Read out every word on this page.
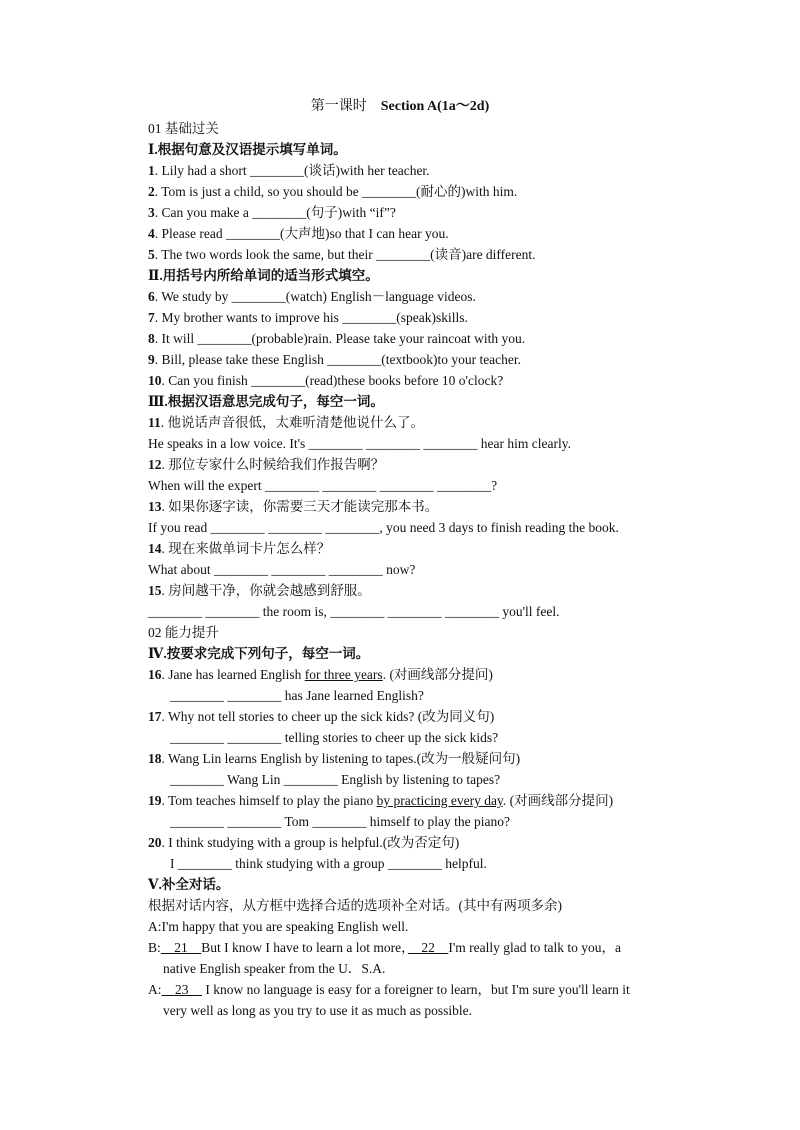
第一课时 Section A(1a～2d)
01 基础过关
Ⅰ.根据句意及汉语提示填写单词。
1. Lily had a short ________(谈话)with her teacher.
2. Tom is just a child, so you should be ________(耐心的)with him.
3. Can you make a ________(句子)with “if”?
4. Please read ________(大声地)so that I can hear you.
5. The two words look the same, but their ________(读音)are different.
Ⅱ.用括号内所给单词的适当形式填空。
6. We study by ________(watch) English－language videos.
7. My brother wants to improve his ________(speak)skills.
8. It will ________(probable)rain. Please take your raincoat with you.
9. Bill, please take these English ________(textbook)to your teacher.
10. Can you finish ________(read)these books before 10 o'clock?
Ⅲ.根据汉语意思完成句子，每空一词。
11. 他说话声音很低，太难听清楚他说什么了。
He speaks in a low voice. It's ________ ________ ________ hear him clearly.
12. 那位专家什么时候给我们作报告啊？
When will the expert ________ ________ ________ ________?
13. 如果你逐字读，你需要三天才能读完那本书。
If you read ________ ________ ________, you need 3 days to finish reading the book.
14. 现在来做单词卡片怎么样？
What about ________ ________ ________ now?
15. 房间越干净，你就会越感到舒服。
________ ________ the room is, ________ ________ ________ you'll feel.
02 能力提升
Ⅳ.按要求完成下列句子，每空一词。
16. Jane has learned English for three years. (对画线部分提问)
________ ________ has Jane learned English?
17. Why not tell stories to cheer up the sick kids? (改为同义句)
________ ________ telling stories to cheer up the sick kids?
18. Wang Lin learns English by listening to tapes.(改为一般疑问句)
________ Wang Lin ________ English by listening to tapes?
19. Tom teaches himself to play the piano by practicing every day. (对画线部分提问)
________ ________ Tom ________ himself to play the piano?
20. I think studying with a group is helpful.(改为否定句)
I ________ think studying with a group ________ helpful.
Ⅴ.补全对话。
根据对话内容，从方框中选择合适的选项补全对话。(其中有两项多余)
A:I'm happy that you are speaking English well.
B:　21　But I know I have to learn a lot more，　22　I'm really glad to talk to you，a
native English speaker from the U．S.A.
A:　23　 I know no language is easy for a foreigner to learn，but I'm sure you'll learn it
very well as long as you try to use it as much as possible.
